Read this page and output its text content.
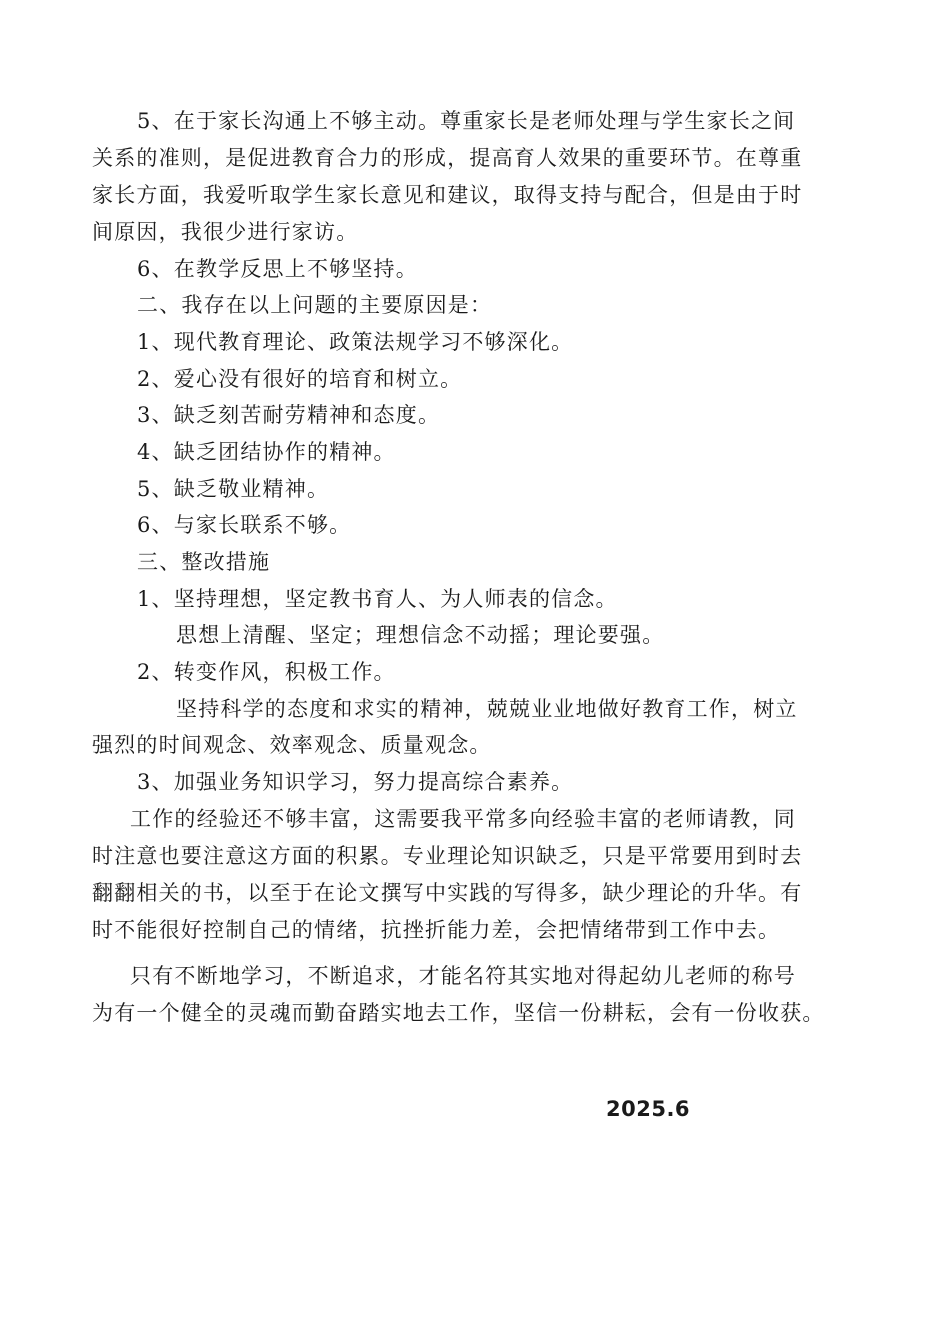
5、在于家长沟通上不够主动。尊重家长是老师处理与学生家长之间
关系的准则，是促进教育合力的形成，提高育人效果的重要环节。在尊重
家长方面，我爱听取学生家长意见和建议，取得支持与配合，但是由于时
间原因，我很少进行家访。
6、在教学反思上不够坚持。
二、我存在以上问题的主要原因是：
1、现代教育理论、政策法规学习不够深化。
2、爱心没有很好的培育和树立。
3、缺乏刻苦耐劳精神和态度。
4、缺乏团结协作的精神。
5、缺乏敬业精神。
6、与家长联系不够。
三、整改措施
1、坚持理想，坚定教书育人、为人师表的信念。
思想上清醒、坚定；理想信念不动摇；理论要强。
2、转变作风，积极工作。
坚持科学的态度和求实的精神，兢兢业业地做好教育工作，树立
强烈的时间观念、效率观念、质量观念。
3、加强业务知识学习，努力提高综合素养。
工作的经验还不够丰富，这需要我平常多向经验丰富的老师请教，同
时注意也要注意这方面的积累。专业理论知识缺乏，只是平常要用到时去
翻翻相关的书，以至于在论文撰写中实践的写得多，缺少理论的升华。有
时不能很好控制自己的情绪，抗挫折能力差，会把情绪带到工作中去。
只有不断地学习，不断追求，才能名符其实地对得起幼儿老师的称号
为有一个健全的灵魂而勤奋踏实地去工作，坚信一份耕耘，会有一份收获。
2025.6
